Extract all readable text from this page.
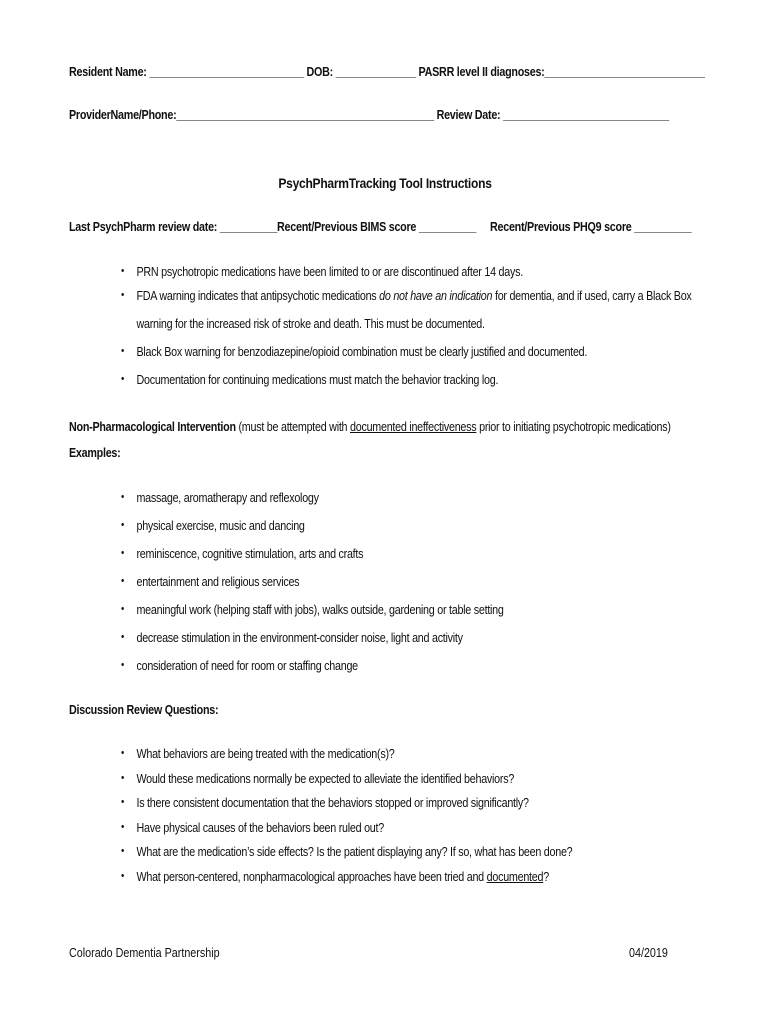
Resident Name: ___________________________ DOB: ______________ PASRR level II diagnoses:____________________________
ProviderName/Phone:_____________________________________________ Review Date: _____________________________
PsychPharmTracking Tool Instructions
Last PsychPharm review date: __________Recent/Previous BIMS score __________ Recent/Previous PHQ9 score __________
• PRN psychotropic medications have been limited to or are discontinued after 14 days.
• FDA warning indicates that antipsychotic medications do not have an indication for dementia, and if used, carry a Black Box
warning for the increased risk of stroke and death. This must be documented.
• Black Box warning for benzodiazepine/opioid combination must be clearly justified and documented.
• Documentation for continuing medications must match the behavior tracking log.
Non-Pharmacological Intervention (must be attempted with documented ineffectiveness prior to initiating psychotropic medications)
Examples:
• massage, aromatherapy and reflexology
• physical exercise, music and dancing
• reminiscence, cognitive stimulation, arts and crafts
• entertainment and religious services
• meaningful work (helping staff with jobs), walks outside, gardening or table setting
• decrease stimulation in the environment-consider noise, light and activity
• consideration of need for room or staffing change
Discussion Review Questions:
• What behaviors are being treated with the medication(s)?
• Would these medications normally be expected to alleviate the identified behaviors?
• Is there consistent documentation that the behaviors stopped or improved significantly?
• Have physical causes of the behaviors been ruled out?
• What are the medication’s side effects? Is the patient displaying any? If so, what has been done?
• What person-centered, nonpharmacological approaches have been tried and documented?
Colorado Dementia Partnership	04/2019
